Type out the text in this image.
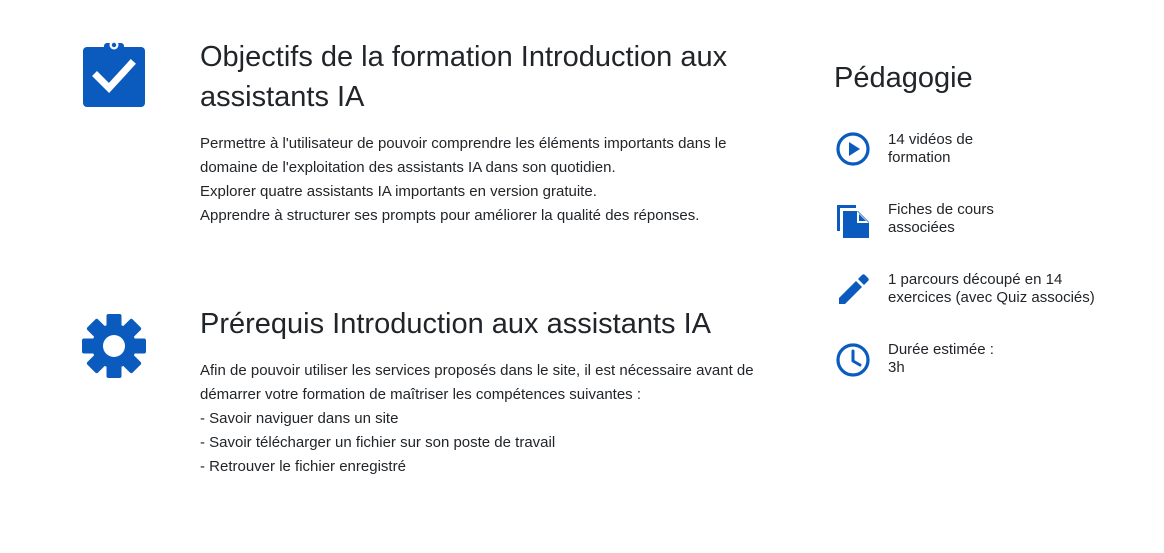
Objectifs de la formation Introduction aux
assistants IA
Permettre à l'utilisateur de pouvoir comprendre les éléments importants dans le
domaine de l'exploitation des assistants IA dans son quotidien.
Explorer quatre assistants IA importants en version gratuite.
Apprendre à structurer ses prompts pour améliorer la qualité des réponses.
Prérequis Introduction aux assistants IA
Afin de pouvoir utiliser les services proposés dans le site, il est nécessaire avant de
démarrer votre formation de maîtriser les compétences suivantes :
- Savoir naviguer dans un site
- Savoir télécharger un fichier sur son poste de travail
- Retrouver le fichier enregistré
Pédagogie
14 vidéos de
formation
Fiches de cours
associées
1 parcours découpé en 14
exercices (avec Quiz associés)
Durée estimée :
3h
